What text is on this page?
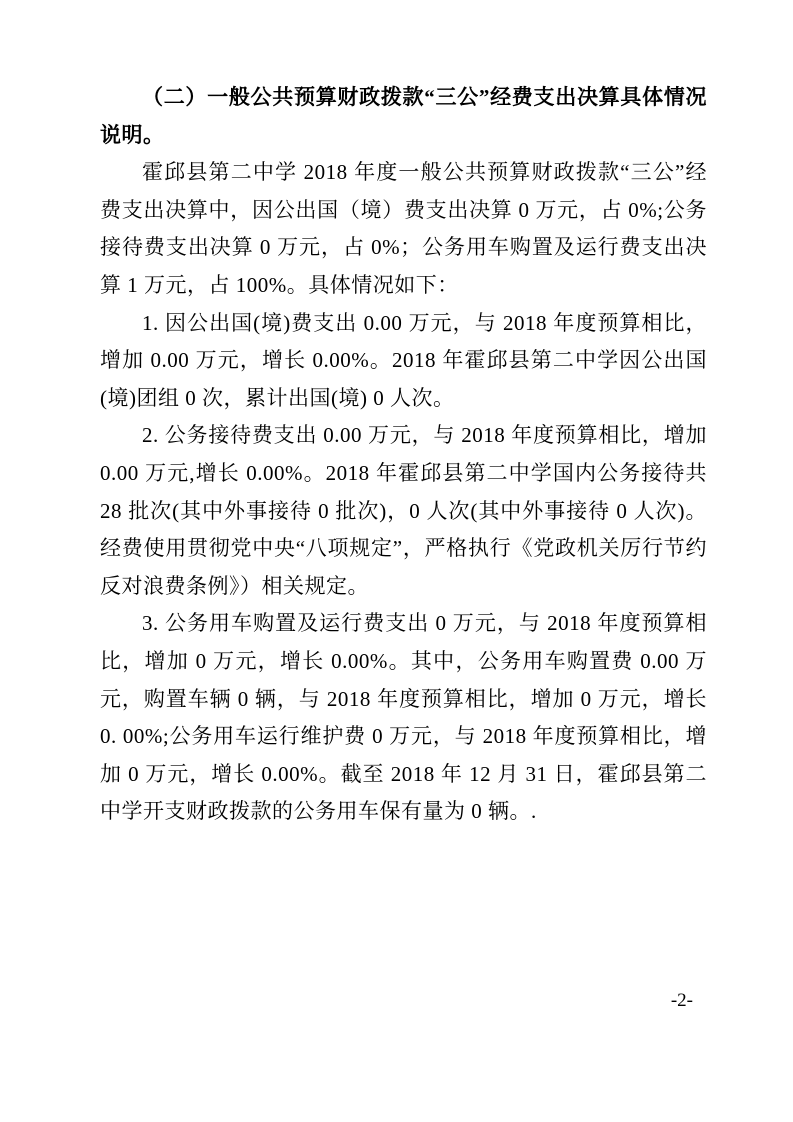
（二）一般公共预算财政拨款“三公”经费支出决算具体情况说明。

霍邱县第二中学 2018 年度一般公共预算财政拨款“三公”经费支出决算中，因公出国（境）费支出决算 0 万元，占 0%;公务接待费支出决算 0 万元，占 0%；公务用车购置及运行费支出决算 1 万元，占 100%。具体情况如下：

1. 因公出国(境)费支出 0.00 万元，与 2018 年度预算相比，增加 0.00 万元，增长 0.00%。2018 年霍邱县第二中学因公出国(境)团组 0 次，累计出国(境) 0 人次。

2. 公务接待费支出 0.00 万元，与 2018 年度预算相比，增加 0.00 万元,增长 0.00%。2018 年霍邱县第二中学国内公务接待共 28 批次(其中外事接待 0 批次)，0 人次(其中外事接待 0 人次)。经费使用贯彻党中央“八项规定”，严格执行《党政机关厉行节约反对浪费条例》）相关规定。

3. 公务用车购置及运行费支出 0 万元，与 2018 年度预算相比，增加 0 万元，增长 0.00%。其中，公务用车购置费 0.00 万元，购置车辆 0 辆，与 2018 年度预算相比，增加 0 万元，增长 0. 00%;公务用车运行维护费 0 万元，与 2018 年度预算相比，增加 0 万元，增长 0.00%。截至 2018 年 12 月 31 日，霍邱县第二中学开支财政拨款的公务用车保有量为 0 辆。.

-2-
